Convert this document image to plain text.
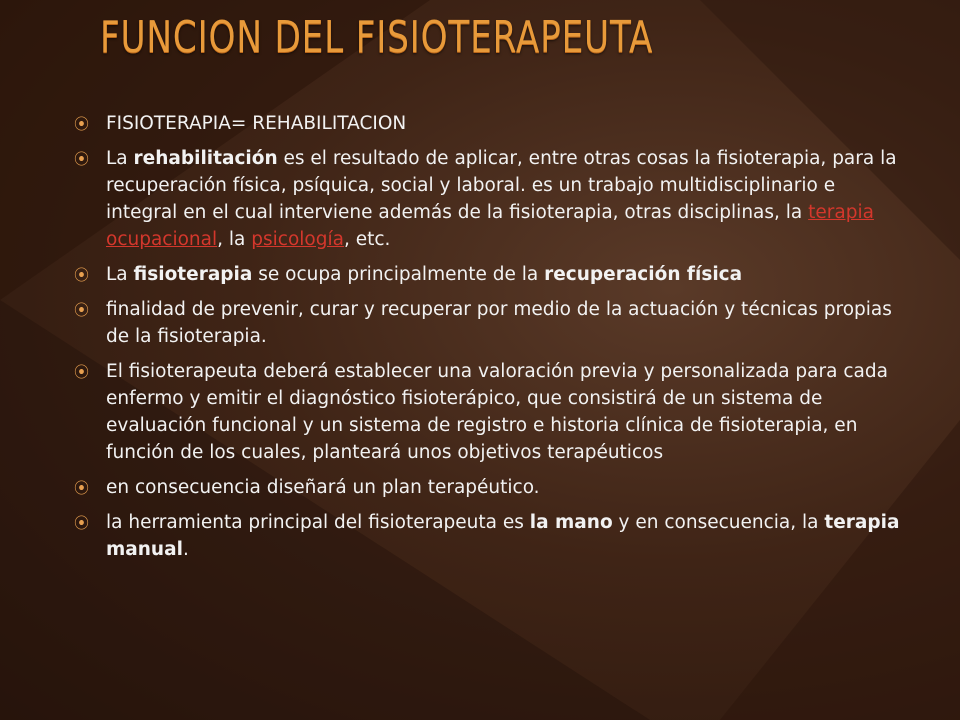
FUNCION DEL FISIOTERAPEUTA
⦿ FISIOTERAPIA= REHABILITACION
⦿ La rehabilitación es el resultado de aplicar, entre otras cosas la fisioterapia, para la recuperación física, psíquica, social y laboral. es un trabajo multidisciplinario e integral en el cual interviene además de la fisioterapia, otras disciplinas, la terapia ocupacional, la psicología, etc.
⦿ La fisioterapia se ocupa principalmente de la recuperación física
⦿ finalidad de prevenir, curar y recuperar por medio de la actuación y técnicas propias de la fisioterapia.
⦿ El fisioterapeuta deberá establecer una valoración previa y personalizada para cada enfermo y emitir el diagnóstico fisioterápico, que consistirá de un sistema de evaluación funcional y un sistema de registro e historia clínica de fisioterapia, en función de los cuales, planteará unos objetivos terapéuticos
⦿ en consecuencia diseñará un plan terapéutico.
⦿ la herramienta principal del fisioterapeuta es la mano y en consecuencia, la terapia manual.
